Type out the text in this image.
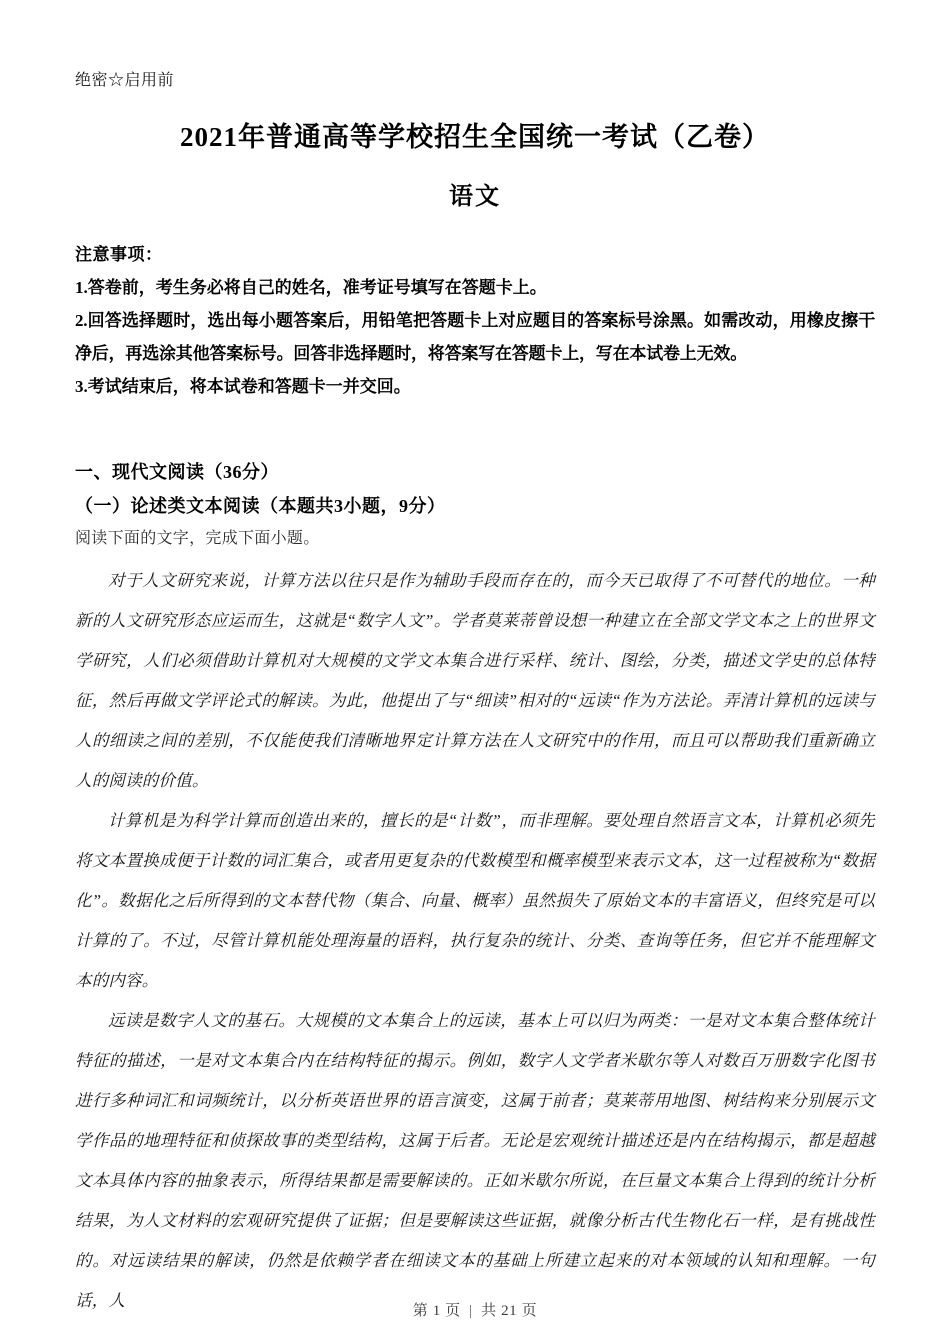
绝密☆启用前
2021年普通高等学校招生全国统一考试（乙卷）
语文

注意事项：

1.答卷前，考生务必将自己的姓名，准考证号填写在答题卡上。

2.回答选择题时，选出每小题答案后，用铅笔把答题卡上对应题目的答案标号涂黑。如需改动，用橡皮擦干净后，再选涂其他答案标号。回答非选择题时，将答案写在答题卡上，写在本试卷上无效。

3.考试结束后，将本试卷和答题卡一并交回。

一、现代文阅读（36分）

（一）论述类文本阅读（本题共3小题，9分）

阅读下面的文字，完成下面小题。

对于人文研究来说，计算方法以往只是作为辅助手段而存在的，而今天已取得了不可替代的地位。一种新的人文研究形态应运而生，这就是“数字人文”。学者莫莱蒂曾设想一种建立在全部文学文本之上的世界文学研究，人们必须借助计算机对大规模的文学文本集合进行采样、统计、图绘，分类，描述文学史的总体特征，然后再做文学评论式的解读。为此，他提出了与“细读”相对的“远读“作为方法论。弄清计算机的远读与人的细读之间的差别，不仅能使我们清晰地界定计算方法在人文研究中的作用，而且可以帮助我们重新确立人的阅读的价值。

计算机是为科学计算而创造出来的，擅长的是“计数”，而非理解。要处理自然语言文本，计算机必须先将文本置换成便于计数的词汇集合，或者用更复杂的代数模型和概率模型来表示文本，这一过程被称为“数据化”。数据化之后所得到的文本替代物（集合、向量、概率）虽然损失了原始文本的丰富语义，但终究是可以计算的了。不过，尽管计算机能处理海量的语料，执行复杂的统计、分类、查询等任务，但它并不能理解文本的内容。

远读是数字人文的基石。大规模的文本集合上的远读，基本上可以归为两类：一是对文本集合整体统计特征的描述，一是对文本集合内在结构特征的揭示。例如，数字人文学者米歇尔等人对数百万册数字化图书进行多种词汇和词频统计，以分析英语世界的语言演变，这属于前者；莫莱蒂用地图、树结构来分别展示文学作品的地理特征和侦探故事的类型结构，这属于后者。无论是宏观统计描述还是内在结构揭示，都是超越文本具体内容的抽象表示，所得结果都是需要解读的。正如米歇尔所说，在巨量文本集合上得到的统计分析结果，为人文材料的宏观研究提供了证据；但是要解读这些证据，就像分析古代生物化石一样，是有挑战性的。对远读结果的解读，仍然是依赖学者在细读文本的基础上所建立起来的对本领域的认知和理解。一句话，人

第 1 页 | 共 21 页
